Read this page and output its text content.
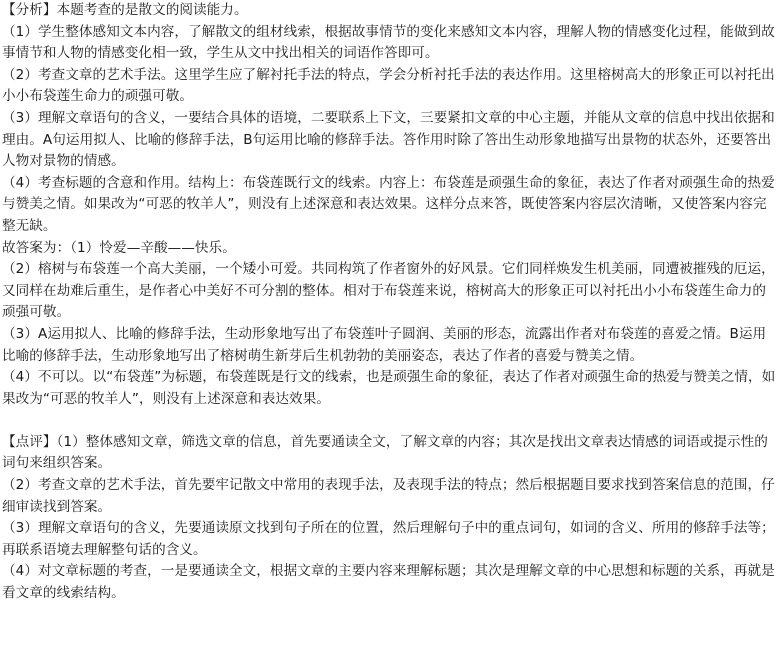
【分析】本题考查的是散文的阅读能力。

（1）学生整体感知文本内容，了解散文的组材线索，根据故事情节的变化来感知文本内容，理解人物的情感变化过程，能做到故事情节和人物的情感变化相一致，学生从文中找出相关的词语作答即可。

（2）考查文章的艺术手法。这里学生应了解衬托手法的特点，学会分析衬托手法的表达作用。这里榕树高大的形象正可以衬托出小小布袋莲生命力的顽强可敬。

（3）理解文章语句的含义，一要结合具体的语境，二要联系上下文，三要紧扣文章的中心主题，并能从文章的信息中找出依据和理由。A句运用拟人、比喻的修辞手法，B句运用比喻的修辞手法。答作用时除了答出生动形象地描写出景物的状态外，还要答出人物对景物的情感。

（4）考查标题的含意和作用。结构上：布袋莲既行文的线索。内容上：布袋莲是顽强生命的象征，表达了作者对顽强生命的热爱与赞美之情。如果改为“可恶的牧羊人”，则没有上述深意和表达效果。这样分点来答，既使答案内容层次清晰，又使答案内容完整无缺。

故答案为：（1）怜爱—辛酸——快乐。

（2）榕树与布袋莲一个高大美丽，一个矮小可爱。共同构筑了作者窗外的好风景。它们同样焕发生机美丽，同遭被摧残的厄运，又同样在劫难后重生，是作者心中美好不可分割的整体。相对于布袋莲来说，榕树高大的形象正可以衬托出小小布袋莲生命力的顽强可敬。

（3）A运用拟人、比喻的修辞手法，生动形象地写出了布袋莲叶子圆润、美丽的形态，流露出作者对布袋莲的喜爱之情。B运用比喻的修辞手法，生动形象地写出了榕树萌生新芽后生机勃勃的美丽姿态，表达了作者的喜爱与赞美之情。

（4）不可以。以“布袋莲”为标题，布袋莲既是行文的线索，也是顽强生命的象征，表达了作者对顽强生命的热爱与赞美之情，如果改为“可恶的牧羊人”，则没有上述深意和表达效果。

【点评】（1）整体感知文章，筛选文章的信息，首先要通读全文，了解文章的内容；其次是找出文章表达情感的词语或提示性的词句来组织答案。

（2）考查文章的艺术手法，首先要牢记散文中常用的表现手法，及表现手法的特点；然后根据题目要求找到答案信息的范围，仔细审读找到答案。

（3）理解文章语句的含义，先要通读原文找到句子所在的位置，然后理解句子中的重点词句，如词的含义、所用的修辞手法等；再联系语境去理解整句话的含义。

（4）对文章标题的考查，一是要通读全文，根据文章的主要内容来理解标题；其次是理解文章的中心思想和标题的关系，再就是看文章的线索结构。
